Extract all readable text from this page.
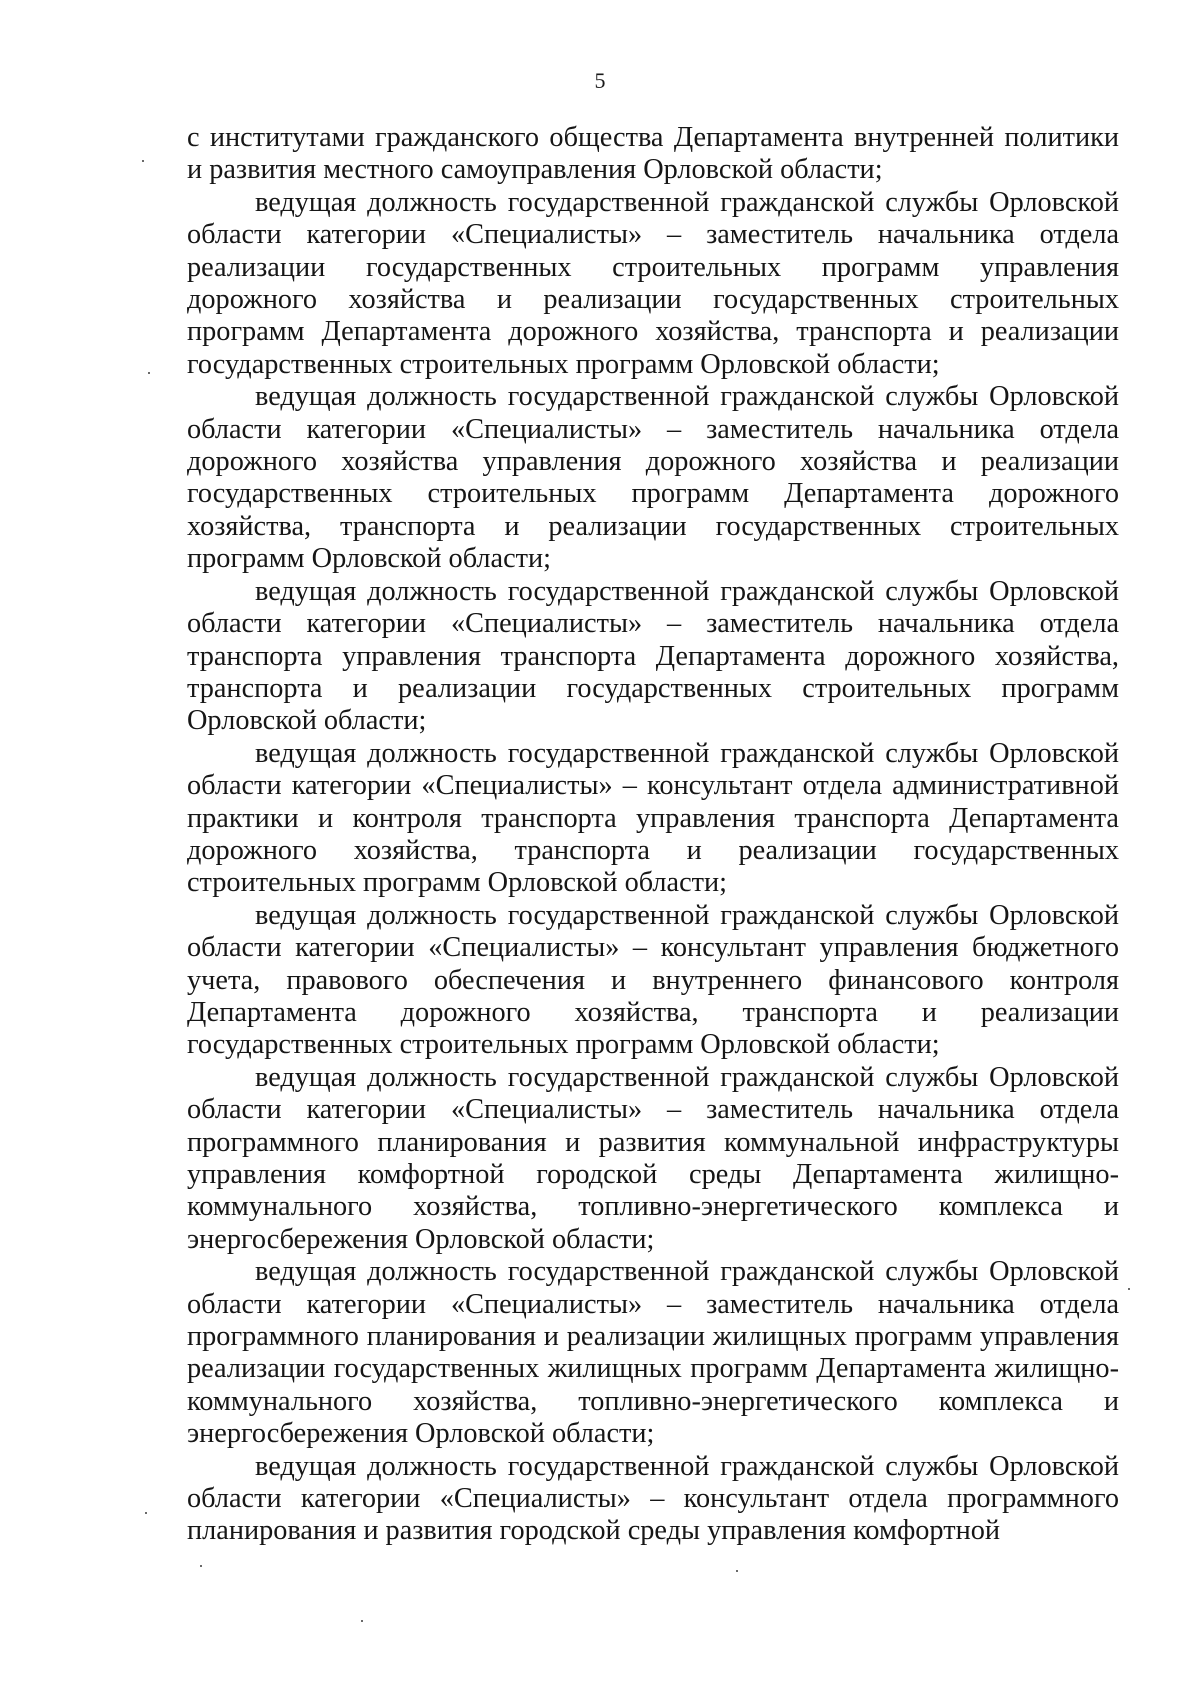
5

с институтами гражданского общества Департамента внутренней политики и развития местного самоуправления Орловской области;

ведущая должность государственной гражданской службы Орловской области категории «Специалисты» – заместитель начальника отдела реализации государственных строительных программ управления дорожного хозяйства и реализации государственных строительных программ Департамента дорожного хозяйства, транспорта и реализации государственных строительных программ Орловской области;

ведущая должность государственной гражданской службы Орловской области категории «Специалисты» – заместитель начальника отдела дорожного хозяйства управления дорожного хозяйства и реализации государственных строительных программ Департамента дорожного хозяйства, транспорта и реализации государственных строительных программ Орловской области;

ведущая должность государственной гражданской службы Орловской области категории «Специалисты» – заместитель начальника отдела транспорта управления транспорта Департамента дорожного хозяйства, транспорта и реализации государственных строительных программ Орловской области;

ведущая должность государственной гражданской службы Орловской области категории «Специалисты» – консультант отдела административной практики и контроля транспорта управления транспорта Департамента дорожного хозяйства, транспорта и реализации государственных строительных программ Орловской области;

ведущая должность государственной гражданской службы Орловской области категории «Специалисты» – консультант управления бюджетного учета, правового обеспечения и внутреннего финансового контроля Департамента дорожного хозяйства, транспорта и реализации государственных строительных программ Орловской области;

ведущая должность государственной гражданской службы Орловской области категории «Специалисты» – заместитель начальника отдела программного планирования и развития коммунальной инфраструктуры управления комфортной городской среды Департамента жилищно-коммунального хозяйства, топливно-энергетического комплекса и энергосбережения Орловской области;

ведущая должность государственной гражданской службы Орловской области категории «Специалисты» – заместитель начальника отдела программного планирования и реализации жилищных программ управления реализации государственных жилищных программ Департамента жилищно-коммунального хозяйства, топливно-энергетического комплекса и энергосбережения Орловской области;

ведущая должность государственной гражданской службы Орловской области категории «Специалисты» – консультант отдела программного планирования и развития городской среды управления комфортной
